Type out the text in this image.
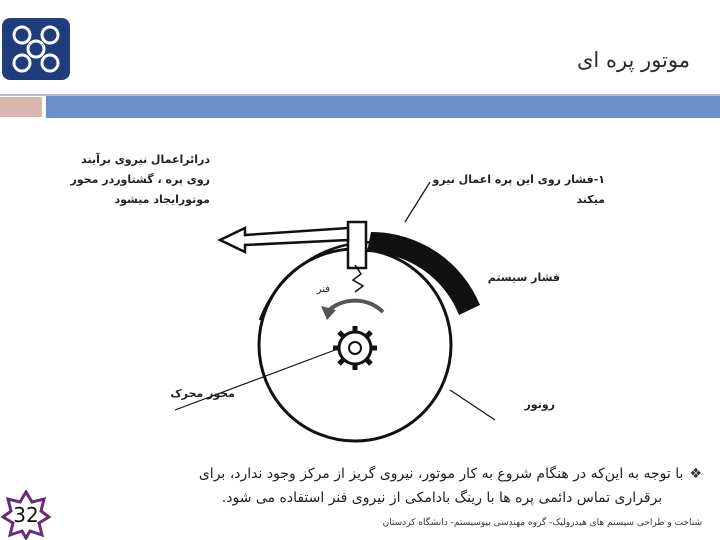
موتور پره ای
درائراعمال نیروی برآیند
روی پره ، گشتاوردر محور
موتورایجاد میشود
۱-فشار روی این پره اعمال نیرو میکند
فشار سیستم
فنر
محور محرک
روتور
❖با توجه به این‌که در هنگام شروع به کار موتور، نیروی گریز از مرکز وجود ندارد، برای
برقراری تماس دائمی پره ها با رینگ بادامکی از نیروی فنر استفاده می شود.
شناخت و طراحی سیستم های هیدرولیک- گروه مهندسی بیوسیستم- دانشگاه کردستان
32
